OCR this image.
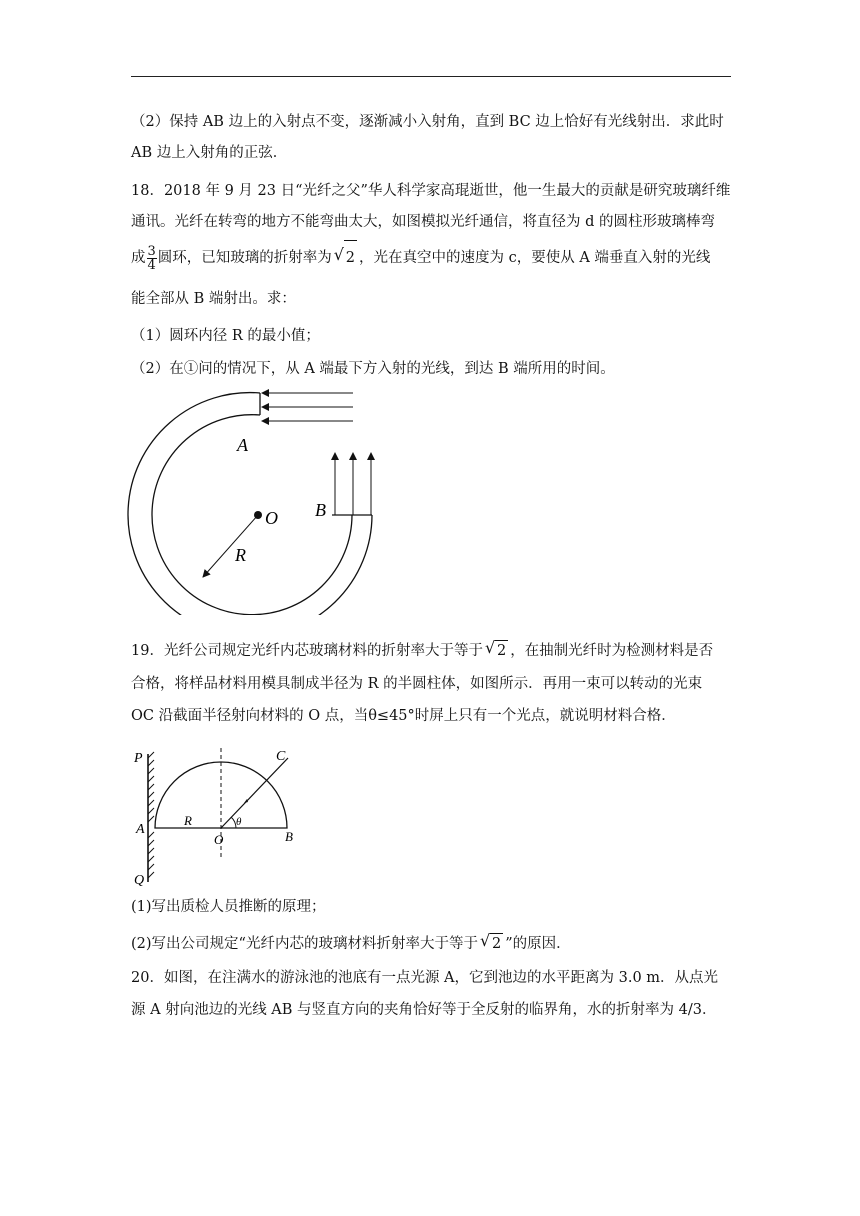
（2）保持 AB 边上的入射点不变，逐渐减小入射角，直到 BC 边上恰好有光线射出．求此时
AB 边上入射角的正弦．
18．2018 年 9 月 23 日“光纤之父”华人科学家高琨逝世，他一生最大的贡献是研究玻璃纤维
通讯。光纤在转弯的地方不能弯曲太大，如图模拟光纤通信，将直径为 d 的圆柱形玻璃棒弯
成 $\frac{3}{4}$ 圆环，已知玻璃的折射率为 √ 2 ，光在真空中的速度为 c，要使从 A 端垂直入射的光线
能全部从 B 端射出。求：
（1）圆环内径 R 的最小值；
（2）在①问的情况下，从 A 端最下方入射的光线，到达 B 端所用的时间。
A
B
O
R
19．光纤公司规定光纤内芯玻璃材料的折射率大于等于 √ 2 ，在抽制光纤时为检测材料是否
合格，将样品材料用模具制成半径为 R 的半圆柱体，如图所示．再用一束可以转动的光束
OC 沿截面半径射向材料的 O 点，当θ≤45°时屏上只有一个光点，就说明材料合格．
P
Q
A
R
O	B
C
θ
(1)写出质检人员推断的原理；
(2)写出公司规定“光纤内芯的玻璃材料折射率大于等于 √ 2 ”的原因．
20．如图，在注满水的游泳池的池底有一点光源 A，它到池边的水平距离为 3.0 m．从点光
源 A 射向池边的光线 AB 与竖直方向的夹角恰好等于全反射的临界角，水的折射率为 4/3．
